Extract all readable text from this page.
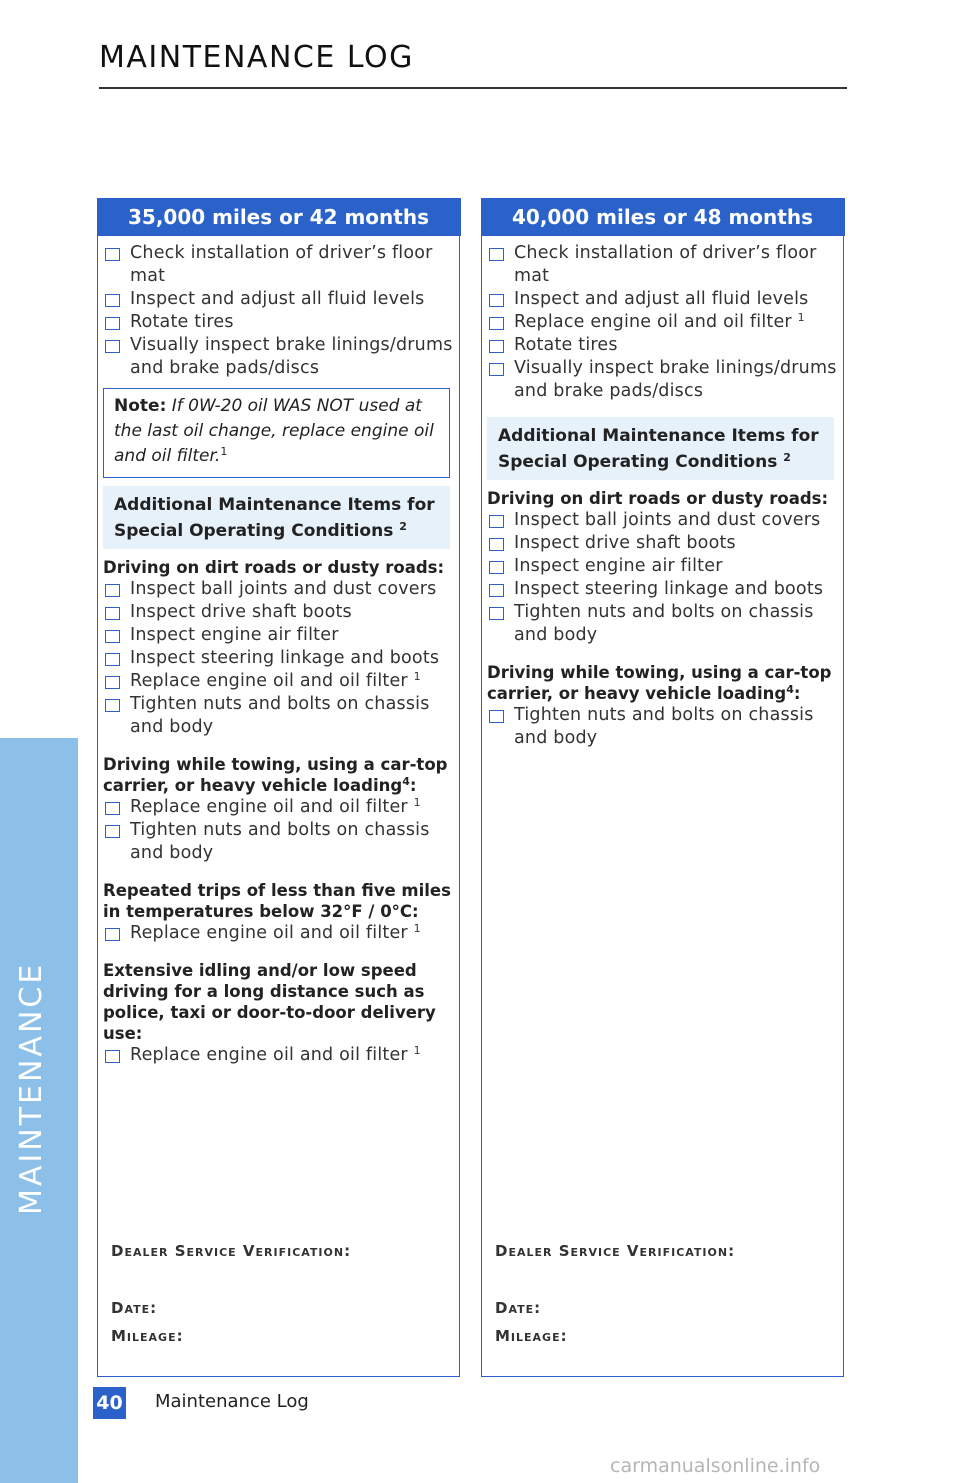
MAINTENANCE
MAINTENANCE LOG
35,000 miles or 42 months
Check installation of driver’s floor mat
Inspect and adjust all fluid levels
Rotate tires
Visually inspect brake linings/drums and brake pads/discs
Note: If 0W-20 oil WAS NOT used at the last oil change, replace engine oil and oil filter.$^1$
Additional Maintenance Items for Special Operating Conditions $^2$
Driving on dirt roads or dusty roads:
Inspect ball joints and dust covers
Inspect drive shaft boots
Inspect engine air filter
Inspect steering linkage and boots
Replace engine oil and oil filter $^1$
Tighten nuts and bolts on chassis and body
Driving while towing, using a car-top carrier, or heavy vehicle loading$^4$:
Replace engine oil and oil filter $^1$
Tighten nuts and bolts on chassis and body
Repeated trips of less than five miles in temperatures below 32°F / 0°C:
Replace engine oil and oil filter $^1$
Extensive idling and/or low speed driving for a long distance such as police, taxi or door-to-door delivery use:
Replace engine oil and oil filter $^1$
Dealer Service Verification:
Date:
Mileage:
40,000 miles or 48 months
Check installation of driver’s floor mat
Inspect and adjust all fluid levels
Replace engine oil and oil filter $^1$
Rotate tires
Visually inspect brake linings/drums and brake pads/discs
Additional Maintenance Items for Special Operating Conditions $^2$
Driving on dirt roads or dusty roads:
Inspect ball joints and dust covers
Inspect drive shaft boots
Inspect engine air filter
Inspect steering linkage and boots
Tighten nuts and bolts on chassis and body
Driving while towing, using a car-top carrier, or heavy vehicle loading$^4$:
Tighten nuts and bolts on chassis and body
Dealer Service Verification:
Date:
Mileage:
40 Maintenance Log
carmanualsonline.info
